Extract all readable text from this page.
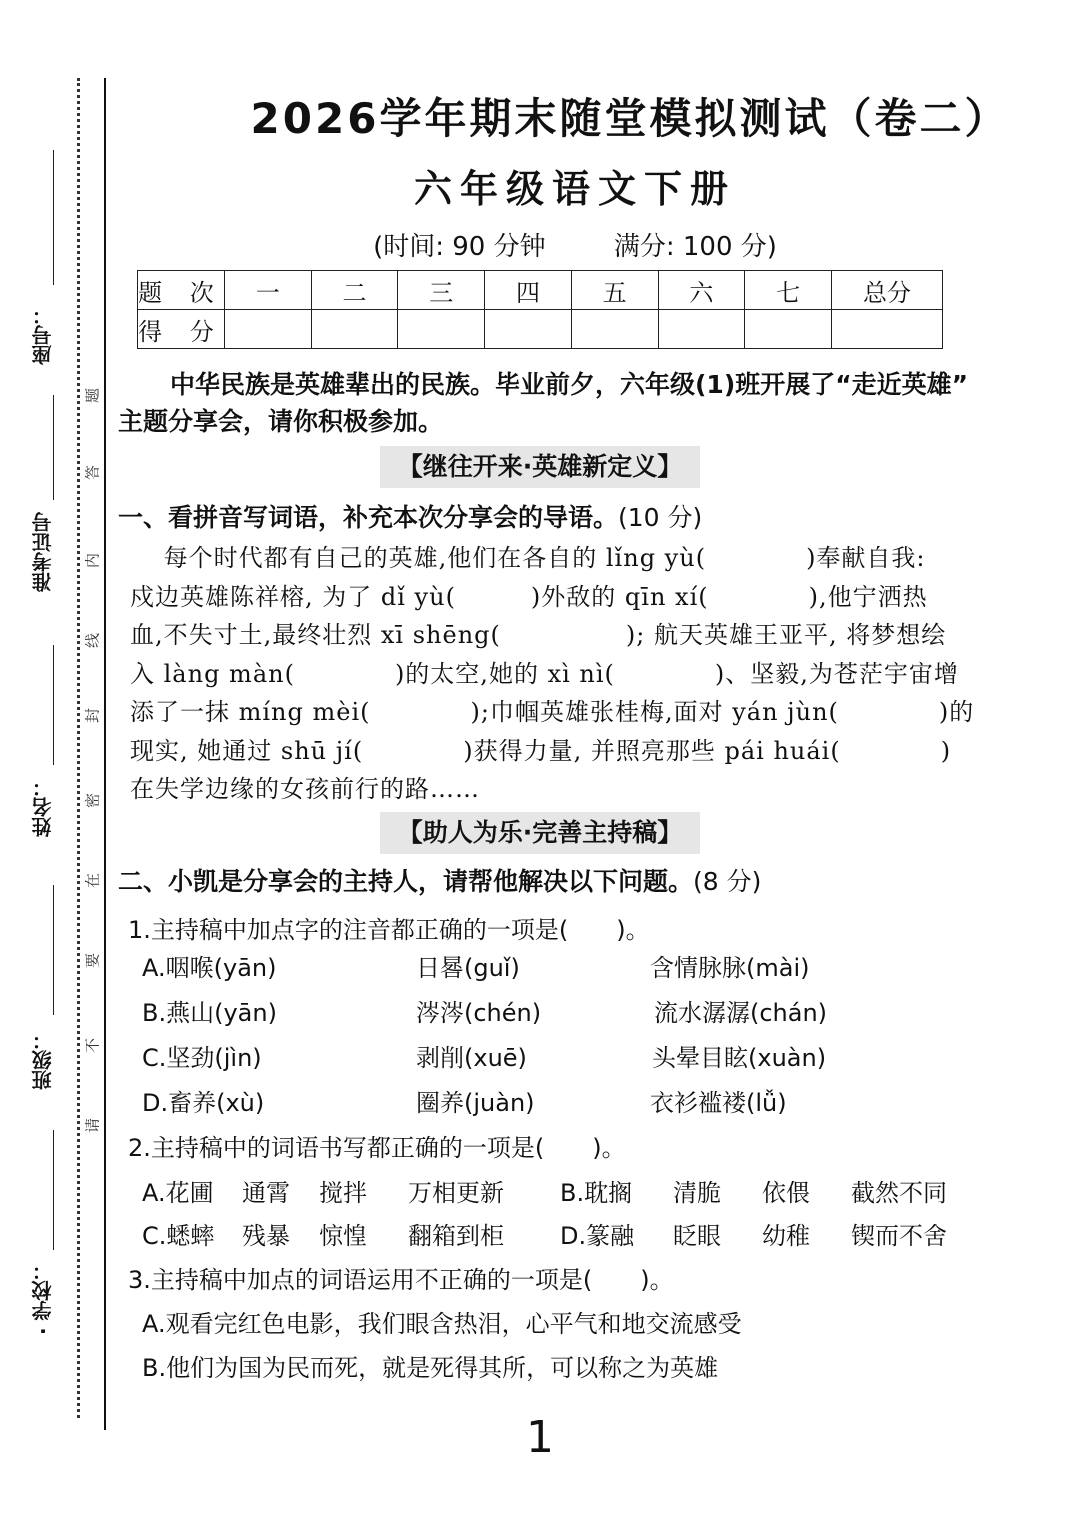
座号：
准考证号
姓名：
班级：
· 学校：
题
答
内
线
封
密
在
要
不
请
2026学年期末随堂模拟测试（卷二）
六年级语文下册
(时间: 90 分钟	满分: 100 分)
题 次	一	二	三	四	五	六	七	总分
得 分								
中华民族是英雄辈出的民族。毕业前夕，六年级(1)班开展了“走近英雄”
主题分享会，请你积极参加。
【继往开来·英雄新定义】
一、看拼音写词语，补充本次分享会的导语。(10 分)
　 每个时代都有自己的英雄,他们在各自的 lǐng yù(　　　　)奉献自我:
戍边英雄陈祥榕, 为了 dǐ yù(　　　)外敌的 qīn xí(　　　　),他宁洒热
血,不失寸土,最终壮烈 xī shēng(　　　　　); 航天英雄王亚平, 将梦想绘
入 làng màn(　　　　)的太空,她的 xì nì(　　　　)、坚毅,为苍茫宇宙增
添了一抹 míng mèi(　　　　);巾帼英雄张桂梅,面对 yán jùn(　　　　)的
现实, 她通过 shū jí(　　　　)获得力量, 并照亮那些 pái huái(　　　　)
在失学边缘的女孩前行的路……
【助人为乐·完善主持稿】
二、小凯是分享会的主持人，请帮他解决以下问题。(8 分)
1.主持稿中加点字的注音都正确的一项是(　　)。
A.咽喉(yān)	日晷(guǐ)	含情脉脉(mài)
B.燕山(yān)	涔涔(chén)	流水潺潺(chán)
C.坚劲(jìn)	剥削(xuē)	头晕目眩(xuàn)
D.畜养(xù)	圈养(juàn)	衣衫褴褛(lǚ)
2.主持稿中的词语书写都正确的一项是(　　)。
A.花圃 通霄 搅拌 万相更新 B.耽搁 清脆 依偎 截然不同
C.蟋蟀 残暴 惊惶 翻箱到柜 D.篆融 眨眼 幼稚 锲而不舍
3.主持稿中加点的词语运用不正确的一项是(　　)。
A.观看完红色电影，我们眼含热泪，心平气和地交流感受
B.他们为国为民而死，就是死得其所，可以称之为英雄
1
